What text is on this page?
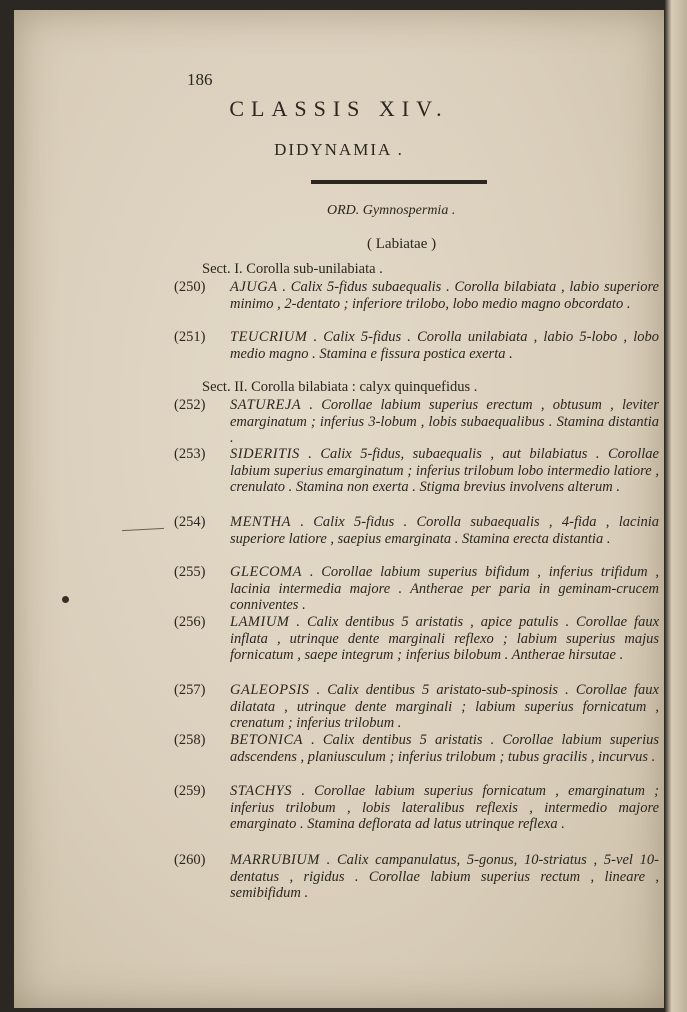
186
CLASSIS XIV.
DIDYNAMIA .
ORD. Gymnospermia .
( Labiatae )
Sect. I. Corolla sub-unilabiata .
(250) AJUGA . Calix 5-fidus subaequalis . Corolla bilabiata , labio superiore minimo , 2-dentato ; inferiore trilobo, lobo medio magno obcordato .
(251) TEUCRIUM . Calix 5-fidus . Corolla unilabiata , labio 5-lobo , lobo medio magno . Stamina e fissura postica exerta .
Sect. II. Corolla bilabiata : calyx quinquefidus .
(252) SATUREJA . Corollae labium superius erectum , obtusum , leviter emarginatum ; inferius 3-lobum , lobis subaequalibus . Stamina distantia .
(253) SIDERITIS . Calix 5-fidus, subaequalis , aut bilabiatus . Corollae labium superius emarginatum ; inferius trilobum lobo intermedio latiore , crenulato . Stamina non exerta . Stigma brevius involvens alterum .
(254) MENTHA . Calix 5-fidus . Corolla subaequalis , 4-fida , lacinia superiore latiore , saepius emarginata . Stamina erecta distantia .
(255) GLECOMA . Corollae labium superius bifidum , inferius trifidum , lacinia intermedia majore . Antherae per paria in geminam-crucem conniventes .
(256) LAMIUM . Calix dentibus 5 aristatis , apice patulis . Corollae faux inflata , utrinque dente marginali reflexo ; labium superius majus fornicatum , saepe integrum ; inferius bilobum . Antherae hirsutae .
(257) GALEOPSIS . Calix dentibus 5 aristato-sub-spinosis . Corollae faux dilatata , utrinque dente marginali ; labium superius fornicatum , crenatum ; inferius trilobum .
(258) BETONICA . Calix dentibus 5 aristatis . Corollae labium superius adscendens , planiusculum ; inferius trilobum ; tubus gracilis , incurvus .
(259) STACHYS . Corollae labium superius fornicatum , emarginatum ; inferius trilobum , lobis lateralibus reflexis , intermedio majore emarginato . Stamina deflorata ad latus utrinque reflexa .
(260) MARRUBIUM . Calix campanulatus, 5-gonus, 10-striatus , 5-vel 10-dentatus , rigidus . Corollae labium superius rectum , lineare , semibifidum .
